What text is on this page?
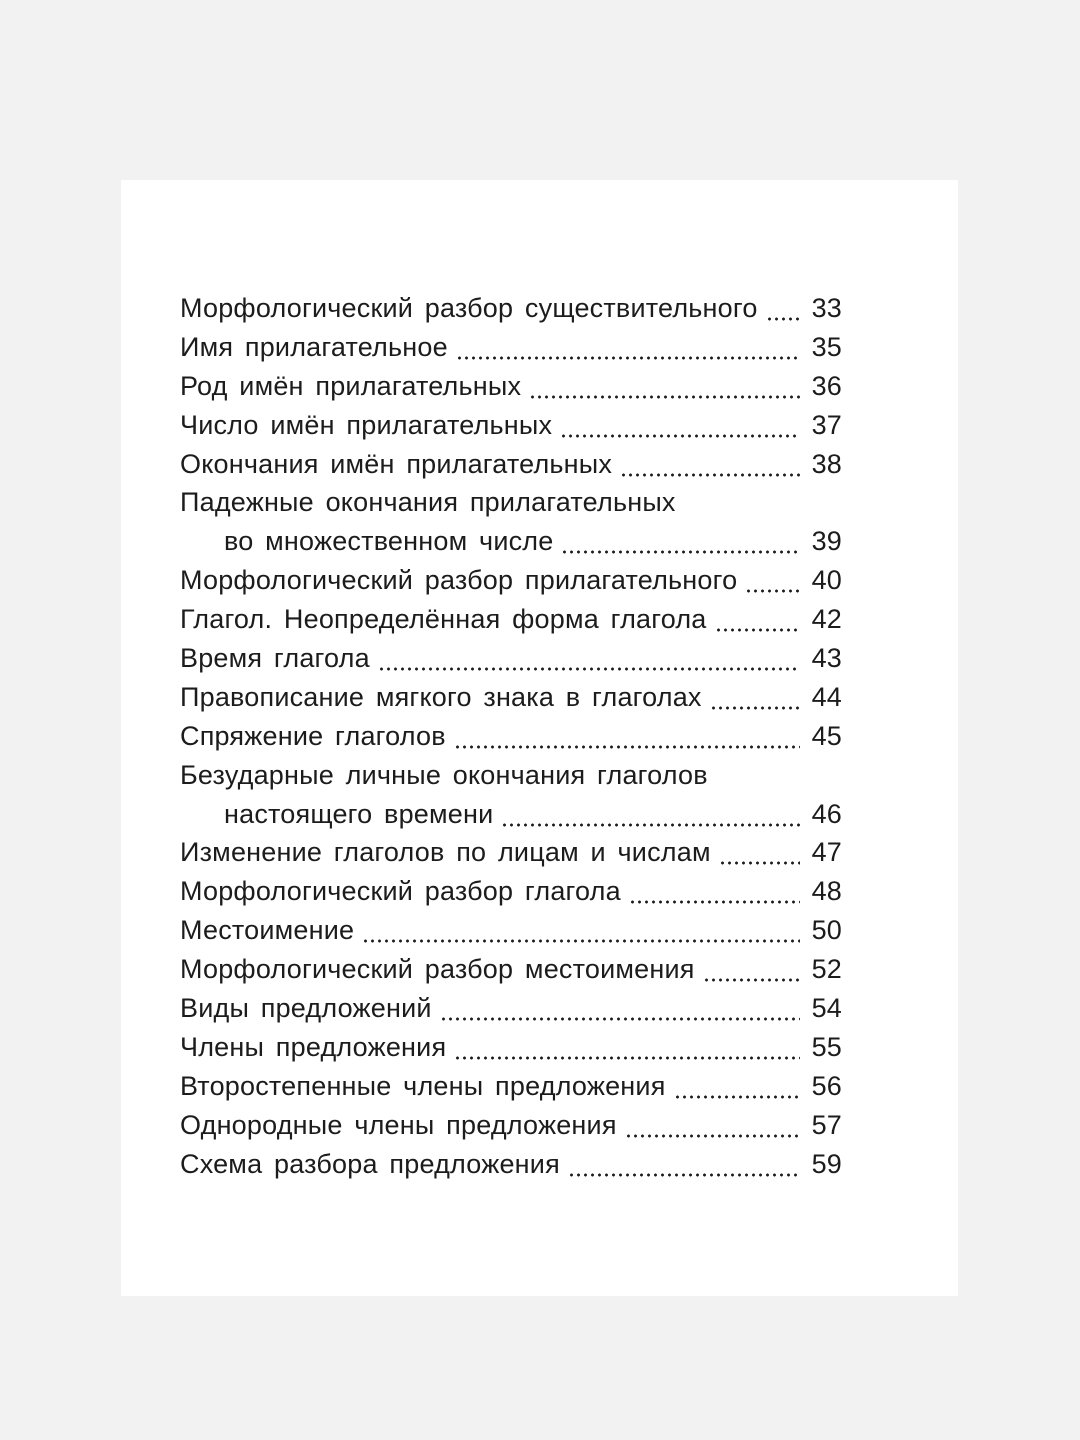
Морфологический разбор существительного 33
Имя прилагательное	35
Род имён прилагательных	36
Число имён прилагательных	37
Окончания имён прилагательных	38
Падежные окончания прилагательных
во множественном числе	39
Морфологический разбор прилагательного	40
Глагол. Неопределённая форма глагола	42
Время глагола	43
Правописание мягкого знака в глаголах	44
Спряжение глаголов	45
Безударные личные окончания глаголов
настоящего времени	46
Изменение глаголов по лицам и числам	47
Морфологический разбор глагола	48
Местоимение	50
Морфологический разбор местоимения	52
Виды предложений	54
Члены предложения	55
Второстепенные члены предложения	56
Однородные члены предложения	57
Схема разбора предложения	59
